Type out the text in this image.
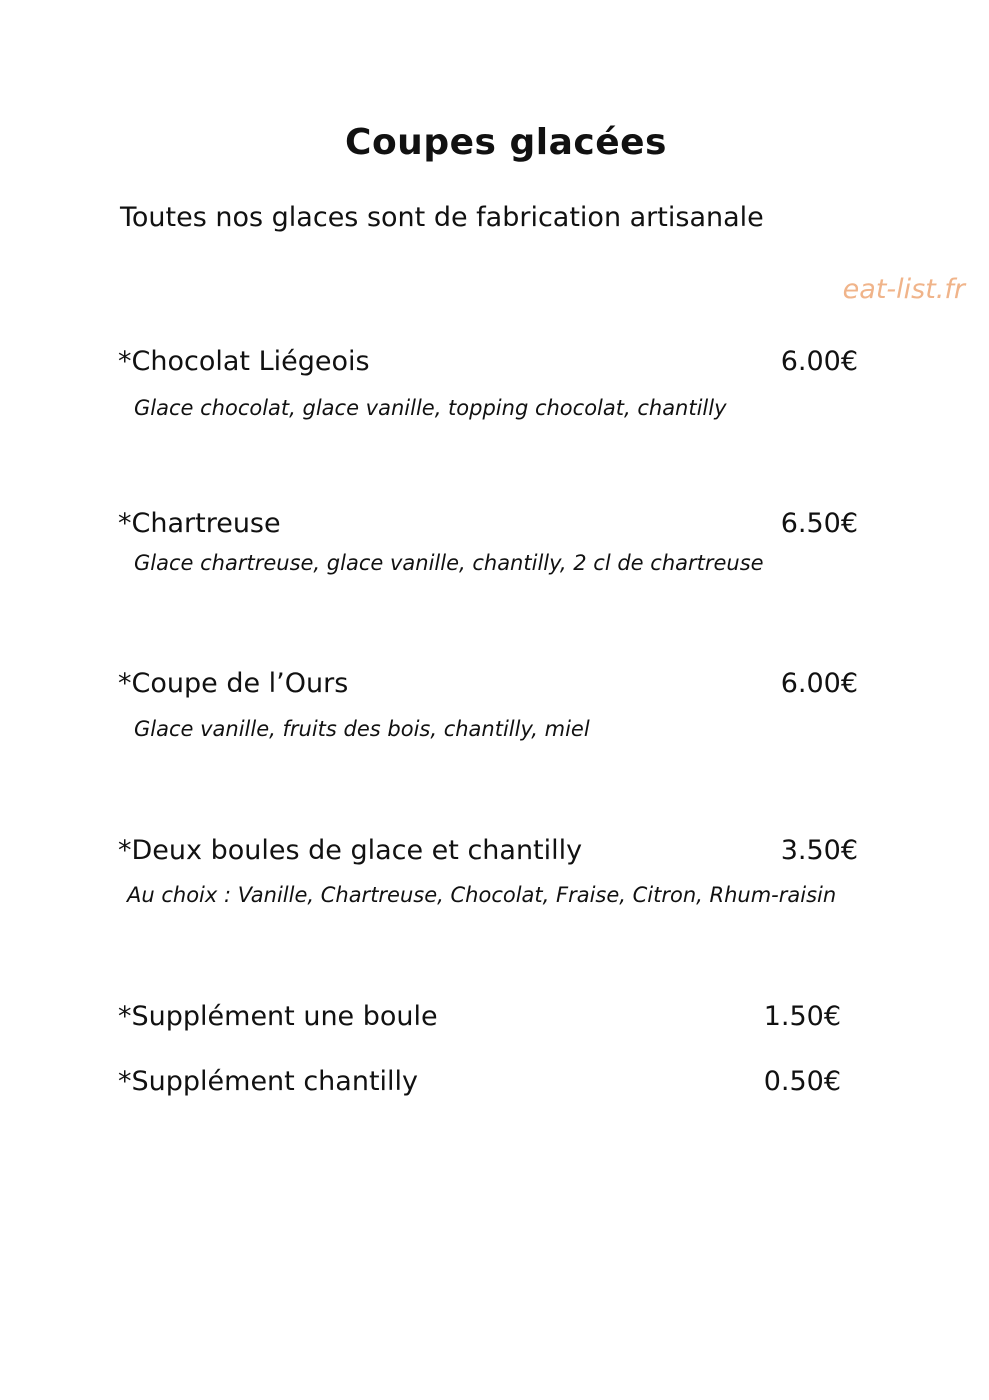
Coupes glacées

Toutes nos glaces sont de fabrication artisanale

eat-list.fr

*Chocolat Liégeois	6.00€

Glace chocolat, glace vanille, topping chocolat, chantilly

*Chartreuse	6.50€

Glace chartreuse, glace vanille, chantilly, 2 cl de chartreuse

*Coupe de l’Ours	6.00€

Glace vanille, fruits des bois, chantilly, miel

*Deux boules de glace et chantilly	3.50€

Au choix : Vanille, Chartreuse, Chocolat, Fraise, Citron, Rhum-raisin

*Supplément une boule	1.50€

*Supplément chantilly	0.50€
